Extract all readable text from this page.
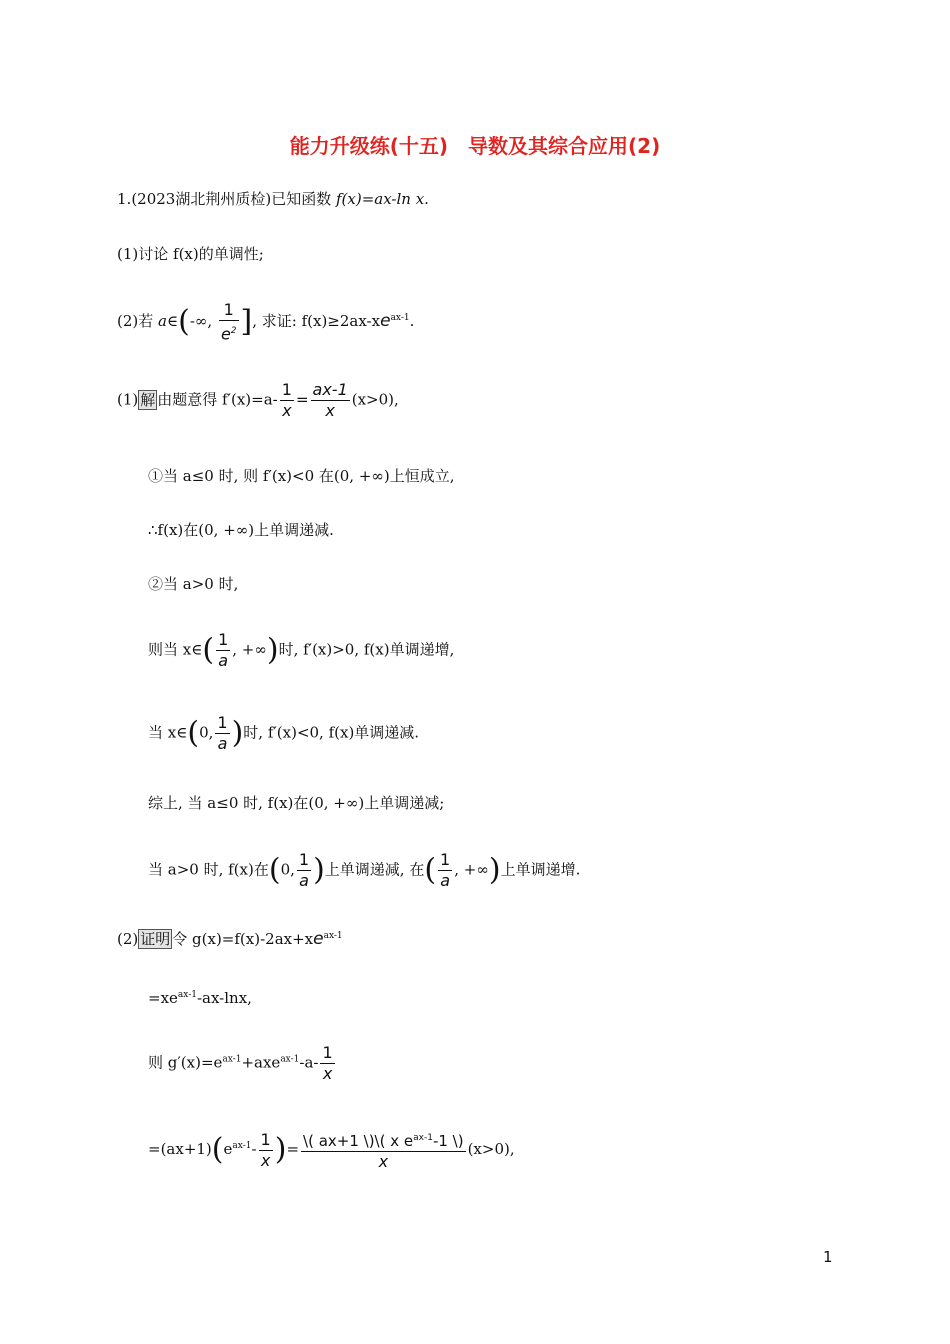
能力升级练(十五)　导数及其综合应用(2)
1.(2023湖北荆州质检)已知函数 f(x)=ax-ln x.
(1)讨论 f(x)的单调性;
(2)若 a∈(-∞, $\frac{1}{e^2}$ ], 求证: $f(x)\ge 2ax-xe^{ax-1}$.
(1) 解 由题意得 $f'(x)=a- \frac{1}{x} = \frac{ax-1}{x} (x>0)$,
①当 a≤0 时, 则 f′(x)<0 在(0, +∞)上恒成立,
∴f(x)在(0, +∞)上单调递减.
②当 a>0 时,
则当 x∈( $\frac{1}{a}$ , +∞)时, f′(x)>0, f(x)单调递增,
当 x∈(0, $\frac{1}{a}$ )时, f′(x)<0, f(x)单调递减.
综上, 当 a≤0 时, f(x)在(0, +∞)上单调递减;
当 a>0 时, f(x)在(0, $\frac{1}{a}$ )上单调递减, 在( $\frac{1}{a}$ , +∞)上单调递增.
(2) 证明 令 $g(x)=f(x)-2ax+xe^{ax-1}$
$=xe^{ax-1}-ax$-lnx,
则 $g'(x)=e^{ax-1}+axe^{ax-1}-a- \frac{1}{x}$
$=(ax+1)(e^{ax-1}- \frac{1}{x}$ )= $\frac{\backslash( ax+1 \backslash)\backslash( x e^{ax-1}-1 \backslash)}{x} (x>0)$,
1
